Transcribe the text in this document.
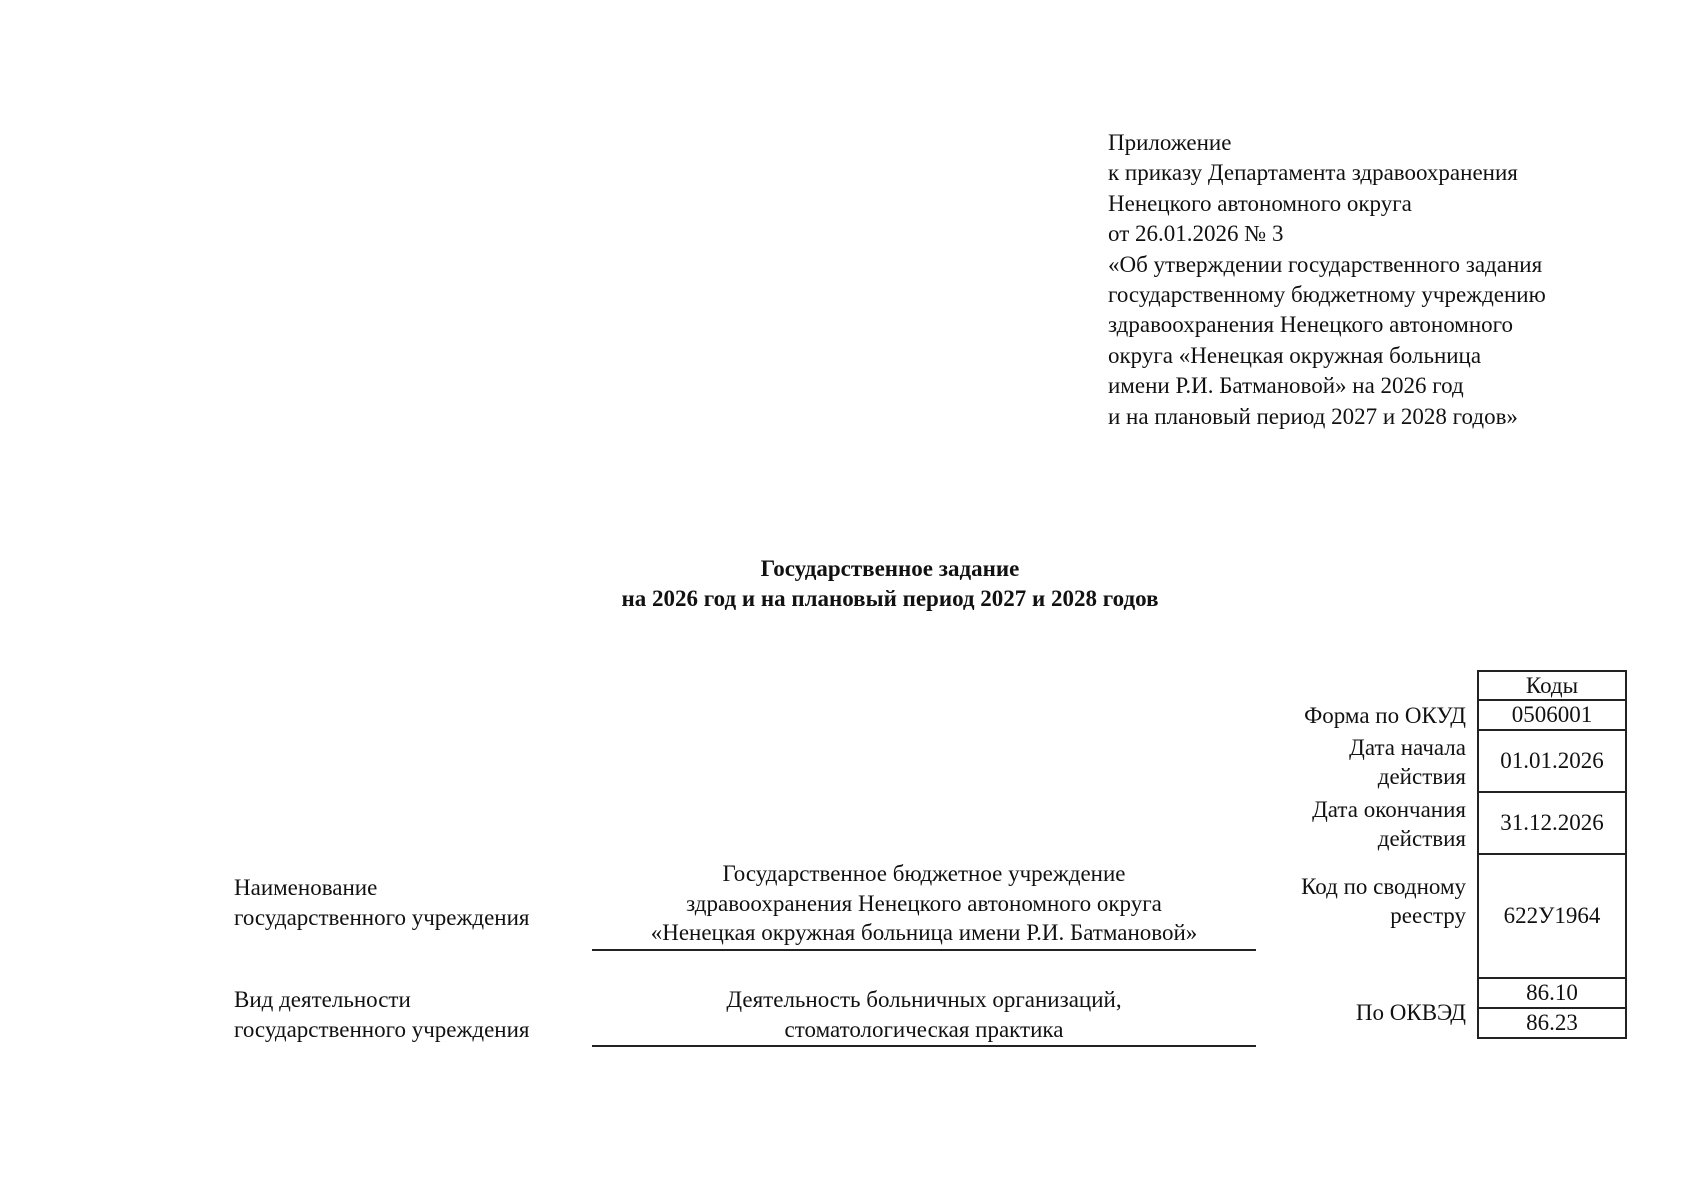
Приложение
к приказу Департамента здравоохранения
Ненецкого автономного округа
от 26.01.2026 № 3
«Об утверждении государственного задания
государственному бюджетному учреждению
здравоохранения Ненецкого автономного
округа «Ненецкая окружная больница
имени Р.И. Батмановой» на 2026 год
и на плановый период 2027 и 2028 годов»
Государственное задание
на 2026 год и на плановый период 2027 и 2028 годов
Коды
0506001
01.01.2026
31.12.2026
622У1964
86.10
86.23
Форма по ОКУД
Дата начала
действия
Дата окончания
действия
Код по сводному
реестру
По ОКВЭД
Наименование
государственного учреждения
Государственное бюджетное учреждение
здравоохранения Ненецкого автономного округа
«Ненецкая окружная больница имени Р.И. Батмановой»
Вид деятельности
государственного учреждения
Деятельность больничных организаций,
стоматологическая практика
